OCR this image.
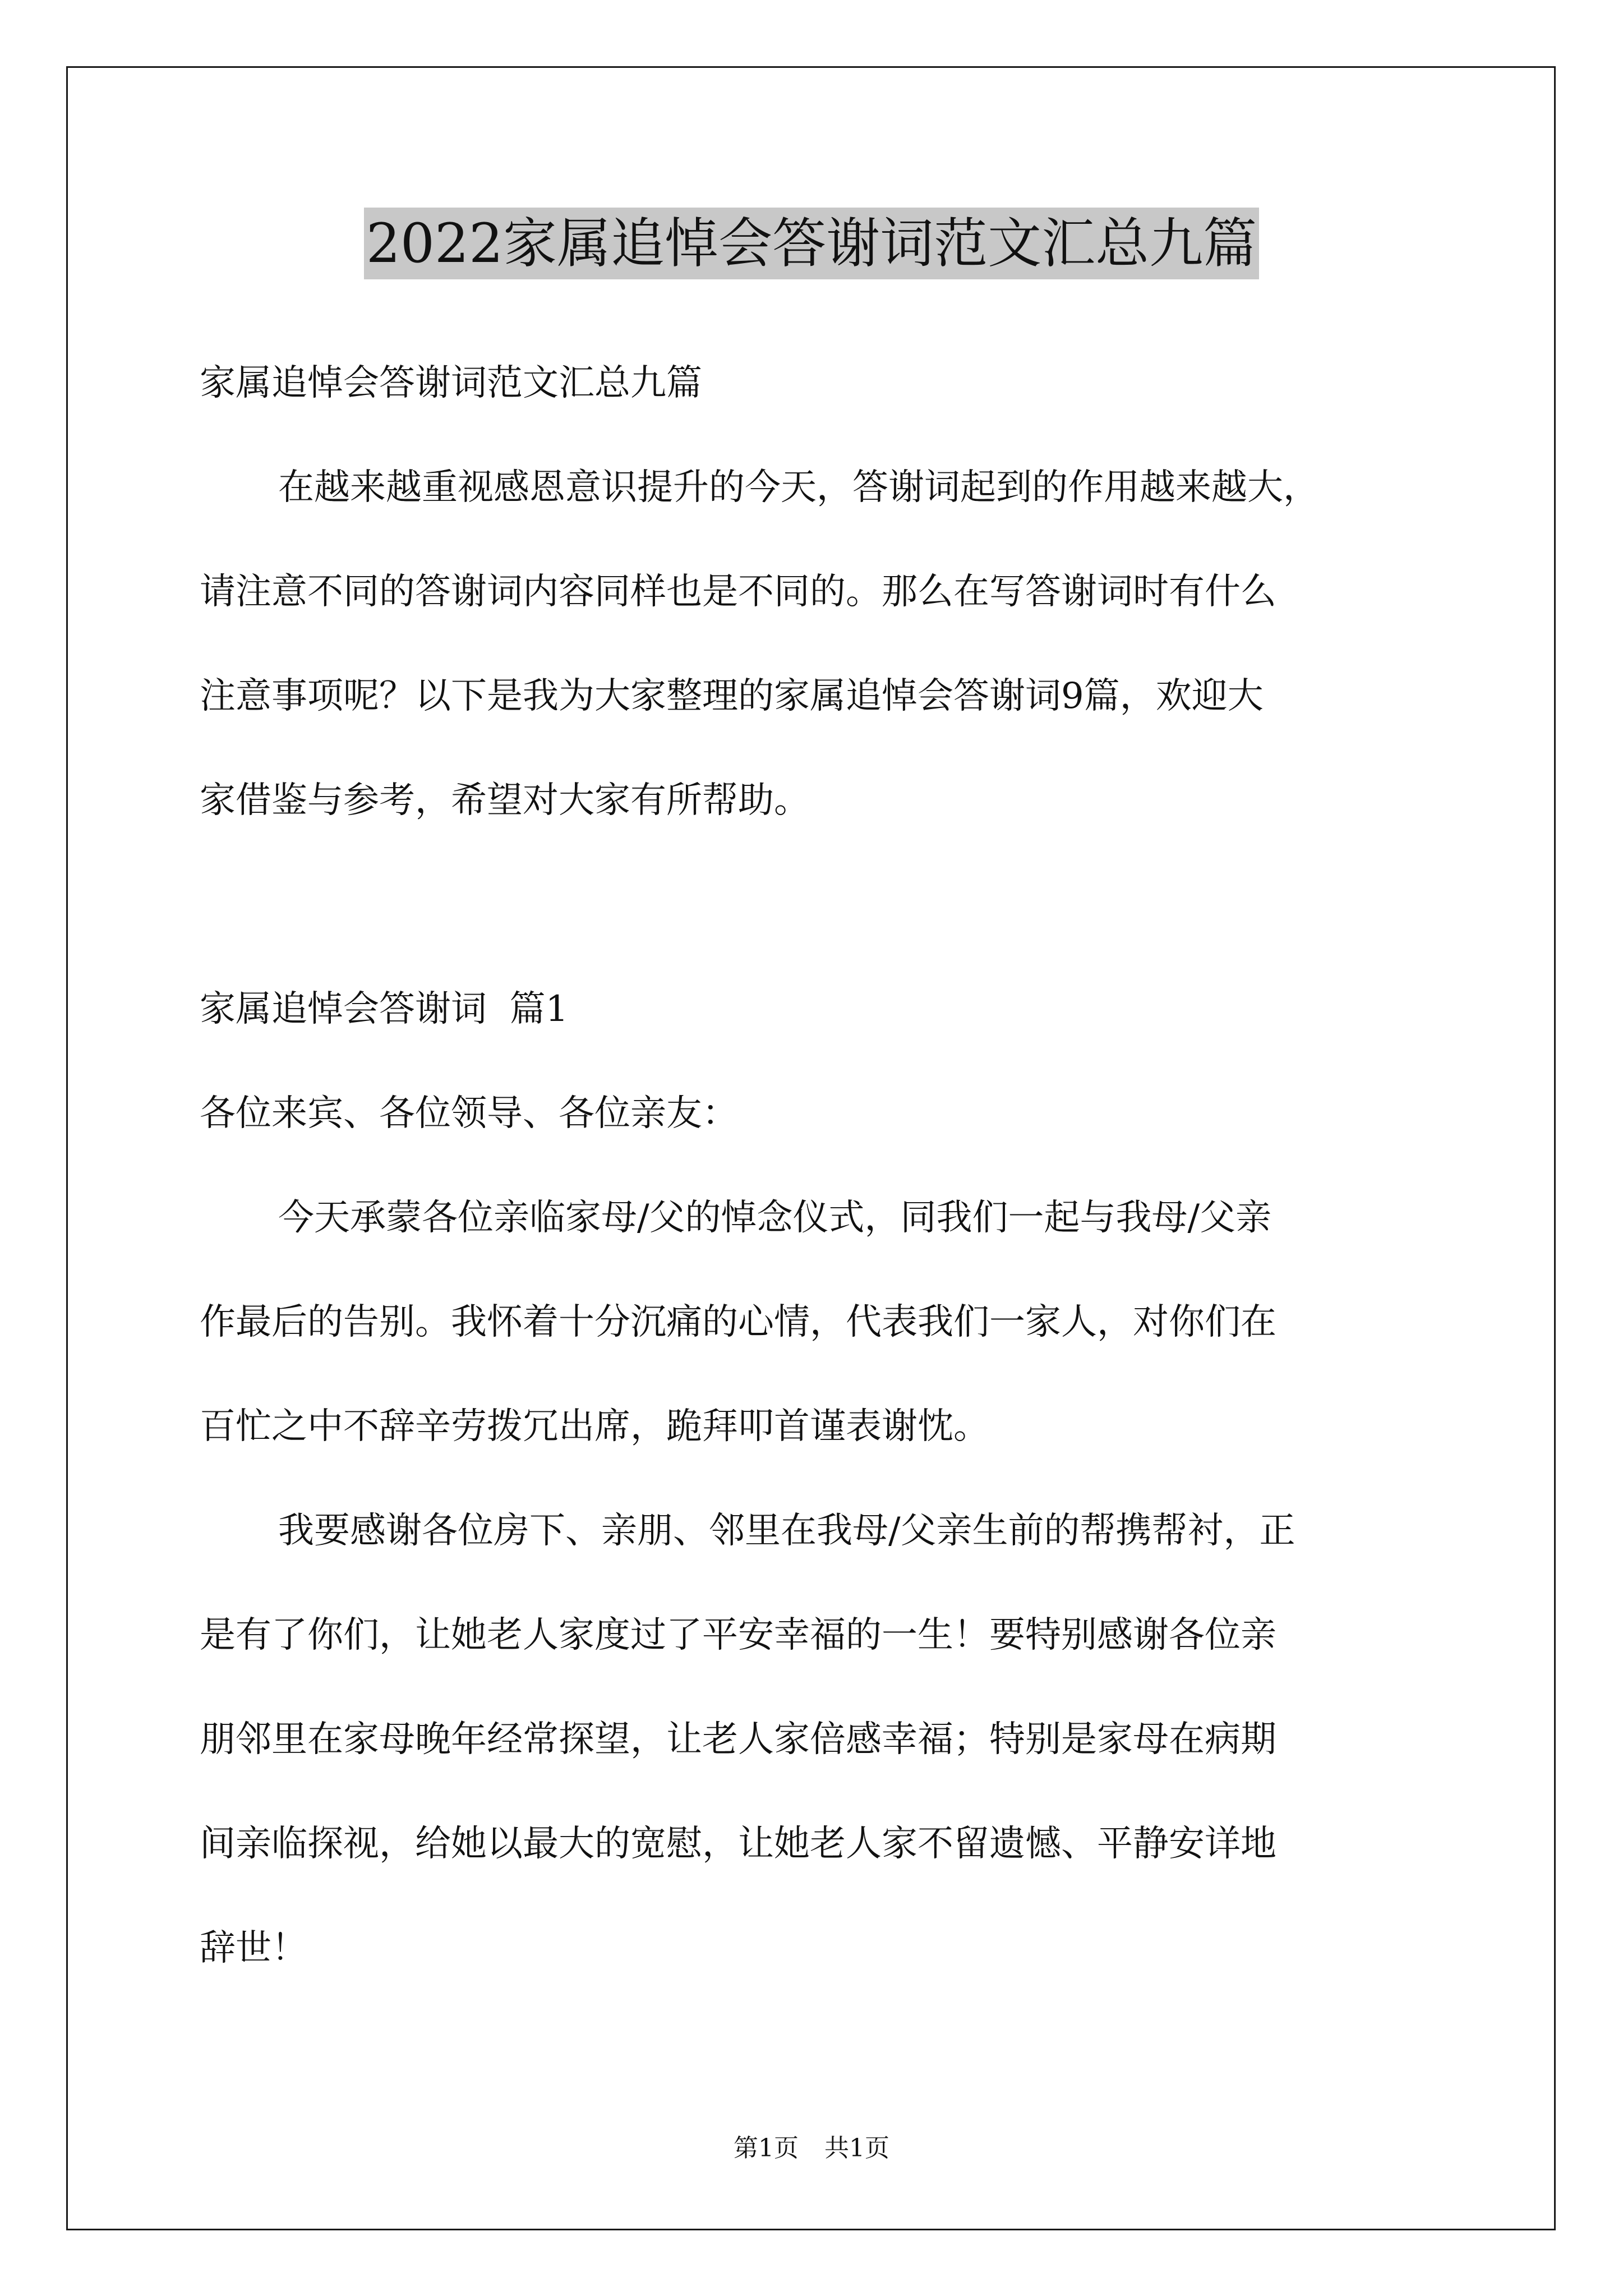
2022家属追悼会答谢词范文汇总九篇

家属追悼会答谢词范文汇总九篇

在越来越重视感恩意识提升的今天，答谢词起到的作用越来越大，

请注意不同的答谢词内容同样也是不同的。那么在写答谢词时有什么

注意事项呢？以下是我为大家整理的家属追悼会答谢词9篇，欢迎大

家借鉴与参考，希望对大家有所帮助。

家属追悼会答谢词  篇1

各位来宾、各位领导、各位亲友：

今天承蒙各位亲临家母/父的悼念仪式，同我们一起与我母/父亲

作最后的告别。我怀着十分沉痛的心情，代表我们一家人，对你们在

百忙之中不辞辛劳拨冗出席，跪拜叩首谨表谢忱。

我要感谢各位房下、亲朋、邻里在我母/父亲生前的帮携帮衬，正

是有了你们，让她老人家度过了平安幸福的一生！要特别感谢各位亲

朋邻里在家母晚年经常探望，让老人家倍感幸福；特别是家母在病期

间亲临探视，给她以最大的宽慰，让她老人家不留遗憾、平静安详地

辞世！

第1页 共1页
